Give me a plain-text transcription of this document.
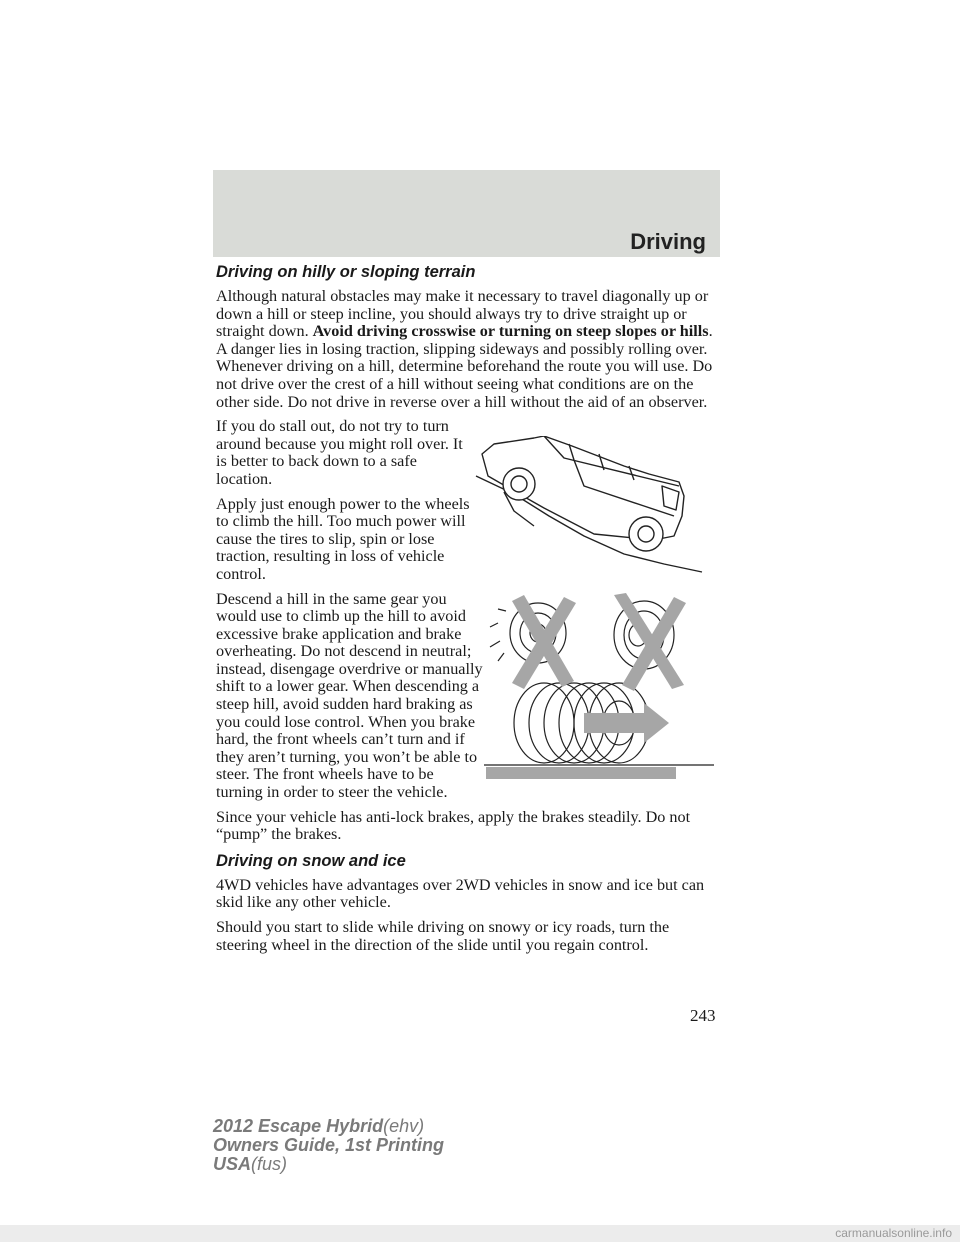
Driving
Driving on hilly or sloping terrain

Although natural obstacles may make it necessary to travel diagonally up or down a hill or steep incline, you should always try to drive straight up or straight down. Avoid driving crosswise or turning on steep slopes or hills. A danger lies in losing traction, slipping sideways and possibly rolling over. Whenever driving on a hill, determine beforehand the route you will use. Do not drive over the crest of a hill without seeing what conditions are on the other side. Do not drive in reverse over a hill without the aid of an observer.

If you do stall out, do not try to turn around because you might roll over. It is better to back down to a safe location.

Apply just enough power to the wheels to climb the hill. Too much power will cause the tires to slip, spin or lose traction, resulting in loss of vehicle control.

Descend a hill in the same gear you would use to climb up the hill to avoid excessive brake application and brake overheating. Do not descend in neutral; instead, disengage overdrive or manually shift to a lower gear. When descending a steep hill, avoid sudden hard braking as you could lose control. When you brake hard, the front wheels can’t turn and if they aren’t turning, you won’t be able to steer. The front wheels have to be turning in order to steer the vehicle.

Since your vehicle has anti-lock brakes, apply the brakes steadily. Do not “pump” the brakes.

Driving on snow and ice

4WD vehicles have advantages over 2WD vehicles in snow and ice but can skid like any other vehicle.

Should you start to slide while driving on snowy or icy roads, turn the steering wheel in the direction of the slide until you regain control.

243
2012 Escape Hybrid(ehv)
Owners Guide, 1st Printing
USA(fus)
carmanualsonline.info
